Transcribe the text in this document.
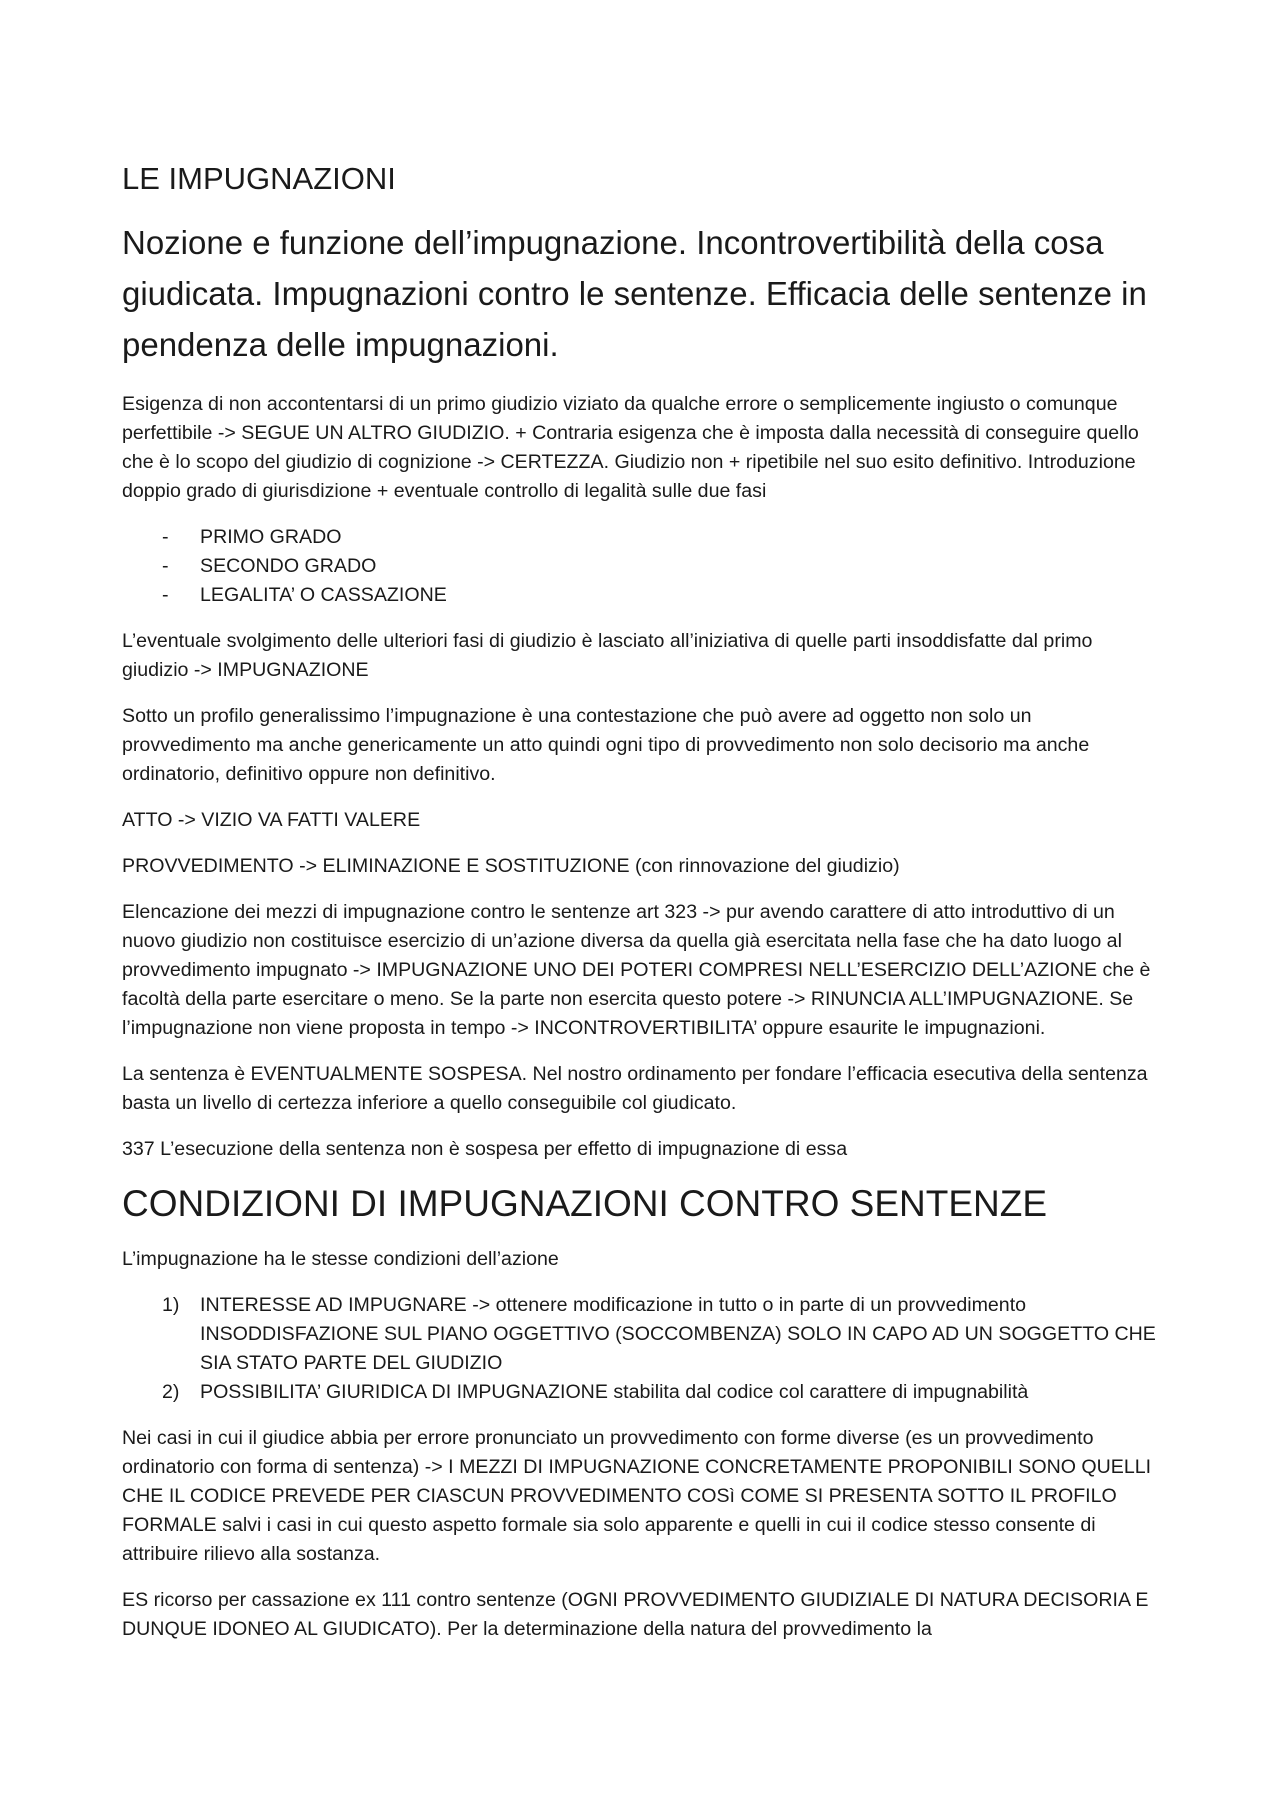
LE IMPUGNAZIONI
Nozione e funzione dell’impugnazione. Incontrovertibilità della cosa giudicata. Impugnazioni contro le sentenze. Efficacia delle sentenze in pendenza delle impugnazioni.

Esigenza di non accontentarsi di un primo giudizio viziato da qualche errore o semplicemente ingiusto o comunque perfettibile -> SEGUE UN ALTRO GIUDIZIO. + Contraria esigenza che è imposta dalla necessità di conseguire quello che è lo scopo del giudizio di cognizione -> CERTEZZA. Giudizio non + ripetibile nel suo esito definitivo. Introduzione doppio grado di giurisdizione + eventuale controllo di legalità sulle due fasi

- PRIMO GRADO
- SECONDO GRADO
- LEGALITA’ O CASSAZIONE

L’eventuale svolgimento delle ulteriori fasi di giudizio è lasciato all’iniziativa di quelle parti insoddisfatte dal primo giudizio -> IMPUGNAZIONE

Sotto un profilo generalissimo l’impugnazione è una contestazione che può avere ad oggetto non solo un provvedimento ma anche genericamente un atto quindi ogni tipo di provvedimento non solo decisorio ma anche ordinatorio, definitivo oppure non definitivo.

ATTO -> VIZIO VA FATTI VALERE

PROVVEDIMENTO -> ELIMINAZIONE E SOSTITUZIONE (con rinnovazione del giudizio)

Elencazione dei mezzi di impugnazione contro le sentenze art 323 -> pur avendo carattere di atto introduttivo di un nuovo giudizio non costituisce esercizio di un’azione diversa da quella già esercitata nella fase che ha dato luogo al provvedimento impugnato -> IMPUGNAZIONE UNO DEI POTERI COMPRESI NELL’ESERCIZIO DELL’AZIONE che è facoltà della parte esercitare o meno. Se la parte non esercita questo potere -> RINUNCIA ALL’IMPUGNAZIONE. Se l’impugnazione non viene proposta in tempo -> INCONTROVERTIBILITA’ oppure esaurite le impugnazioni.

La sentenza è EVENTUALMENTE SOSPESA. Nel nostro ordinamento per fondare l’efficacia esecutiva della sentenza basta un livello di certezza inferiore a quello conseguibile col giudicato.

337 L’esecuzione della sentenza non è sospesa per effetto di impugnazione di essa

CONDIZIONI DI IMPUGNAZIONI CONTRO SENTENZE

L’impugnazione ha le stesse condizioni dell’azione

1) INTERESSE AD IMPUGNARE -> ottenere modificazione in tutto o in parte di un provvedimento INSODDISFAZIONE SUL PIANO OGGETTIVO (SOCCOMBENZA) SOLO IN CAPO AD UN SOGGETTO CHE SIA STATO PARTE DEL GIUDIZIO
2) POSSIBILITA’ GIURIDICA DI IMPUGNAZIONE stabilita dal codice col carattere di impugnabilità

Nei casi in cui il giudice abbia per errore pronunciato un provvedimento con forme diverse (es un provvedimento ordinatorio con forma di sentenza) -> I MEZZI DI IMPUGNAZIONE CONCRETAMENTE PROPONIBILI SONO QUELLI CHE IL CODICE PREVEDE PER CIASCUN PROVVEDIMENTO COSì COME SI PRESENTA SOTTO IL PROFILO FORMALE salvi i casi in cui questo aspetto formale sia solo apparente e quelli in cui il codice stesso consente di attribuire rilievo alla sostanza.

ES ricorso per cassazione ex 111 contro sentenze (OGNI PROVVEDIMENTO GIUDIZIALE DI NATURA DECISORIA E DUNQUE IDONEO AL GIUDICATO). Per la determinazione della natura del provvedimento la
